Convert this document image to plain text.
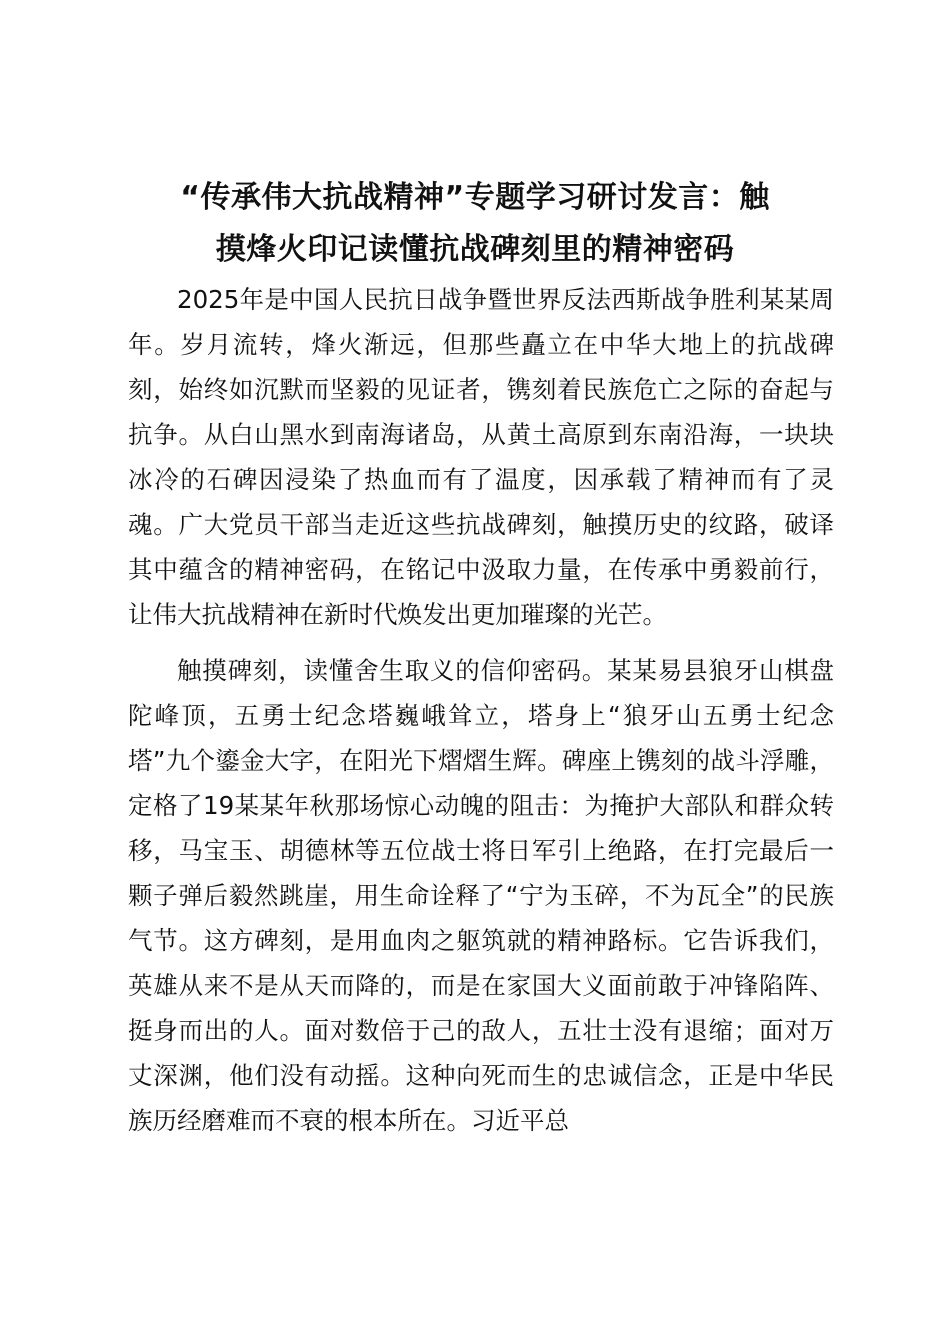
“传承伟大抗战精神”专题学习研讨发言：触
摸烽火印记读懂抗战碑刻里的精神密码

2025年是中国人民抗日战争暨世界反法西斯战争胜利某某周年。岁月流转，烽火渐远，但那些矗立在中华大地上的抗战碑刻，始终如沉默而坚毅的见证者，镌刻着民族危亡之际的奋起与抗争。从白山黑水到南海诸岛，从黄土高原到东南沿海，一块块冰冷的石碑因浸染了热血而有了温度，因承载了精神而有了灵魂。广大党员干部当走近这些抗战碑刻，触摸历史的纹路，破译其中蕴含的精神密码，在铭记中汲取力量，在传承中勇毅前行，让伟大抗战精神在新时代焕发出更加璀璨的光芒。

触摸碑刻，读懂舍生取义的信仰密码。某某易县狼牙山棋盘陀峰顶，五勇士纪念塔巍峨耸立，塔身上“狼牙山五勇士纪念塔”九个鎏金大字，在阳光下熠熠生辉。碑座上镌刻的战斗浮雕，定格了19某某年秋那场惊心动魄的阻击：为掩护大部队和群众转移，马宝玉、胡德林等五位战士将日军引上绝路，在打完最后一颗子弹后毅然跳崖，用生命诠释了“宁为玉碎，不为瓦全”的民族气节。这方碑刻，是用血肉之躯筑就的精神路标。它告诉我们，英雄从来不是从天而降的，而是在家国大义面前敢于冲锋陷阵、挺身而出的人。面对数倍于己的敌人，五壮士没有退缩；面对万丈深渊，他们没有动摇。这种向死而生的忠诚信念，正是中华民族历经磨难而不衰的根本所在。习近平总
